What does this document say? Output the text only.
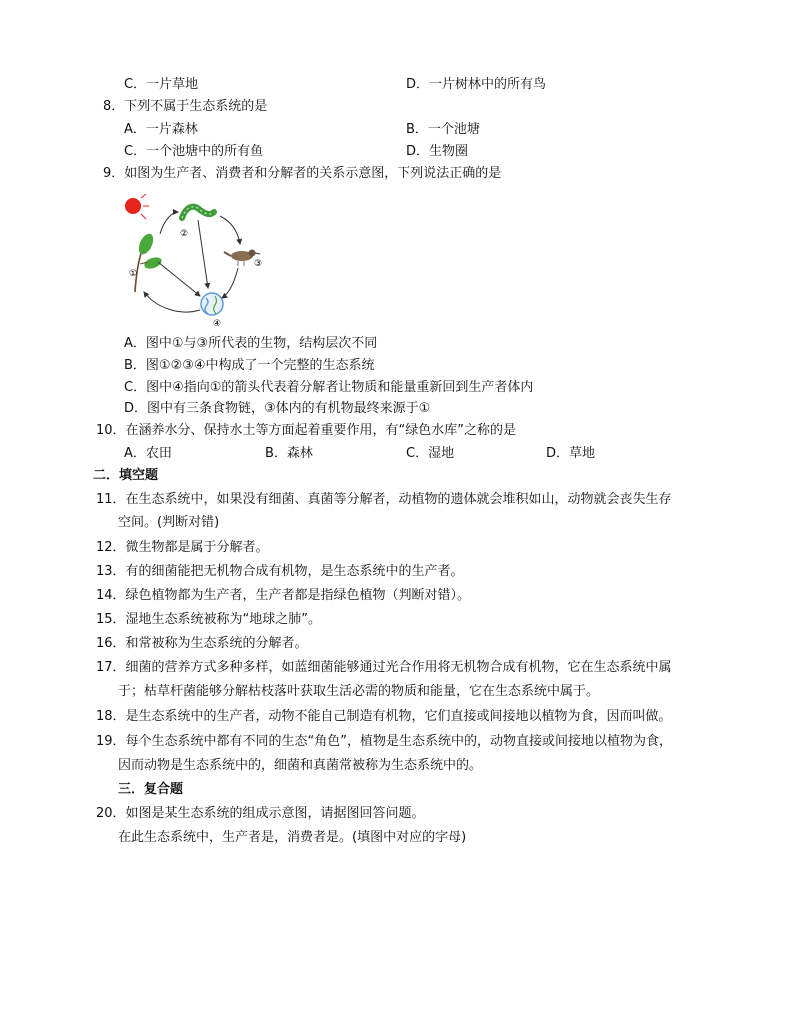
C．一片草地	D．一片树林中的所有鸟
8．下列不属于生态系统的是
A．一片森林	B．一个池塘
C．一个池塘中的所有鱼	D．生物圈
9．如图为生产者、消费者和分解者的关系示意图，下列说法正确的是
①
②
③
④
A．图中①与③所代表的生物，结构层次不同
B．图①②③④中构成了一个完整的生态系统
C．图中④指向①的箭头代表着分解者让物质和能量重新回到生产者体内
D．图中有三条食物链，③体内的有机物最终来源于①
10．在涵养水分、保持水土等方面起着重要作用，有“绿色水库”之称的是
A．农田	B．森林	C．湿地	D．草地
二．填空题
11．在生态系统中，如果没有细菌、真菌等分解者，动植物的遗体就会堆积如山，动物就会丧失生存
空间。(判断对错)
12．微生物都是属于分解者。
13．有的细菌能把无机物合成有机物，是生态系统中的生产者。
14．绿色植物都为生产者，生产者都是指绿色植物（判断对错）。
15．湿地生态系统被称为“地球之肺”。
16．和常被称为生态系统的分解者。
17．细菌的营养方式多种多样，如蓝细菌能够通过光合作用将无机物合成有机物，它在生态系统中属
于；枯草杆菌能够分解枯枝落叶获取生活必需的物质和能量，它在生态系统中属于。
18．是生态系统中的生产者，动物不能自己制造有机物，它们直接或间接地以植物为食，因而叫做。
19．每个生态系统中都有不同的生态“角色”，植物是生态系统中的，动物直接或间接地以植物为食，
因而动物是生态系统中的，细菌和真菌常被称为生态系统中的。
三．复合题
20．如图是某生态系统的组成示意图，请据图回答问题。
在此生态系统中，生产者是，消费者是。(填图中对应的字母)
